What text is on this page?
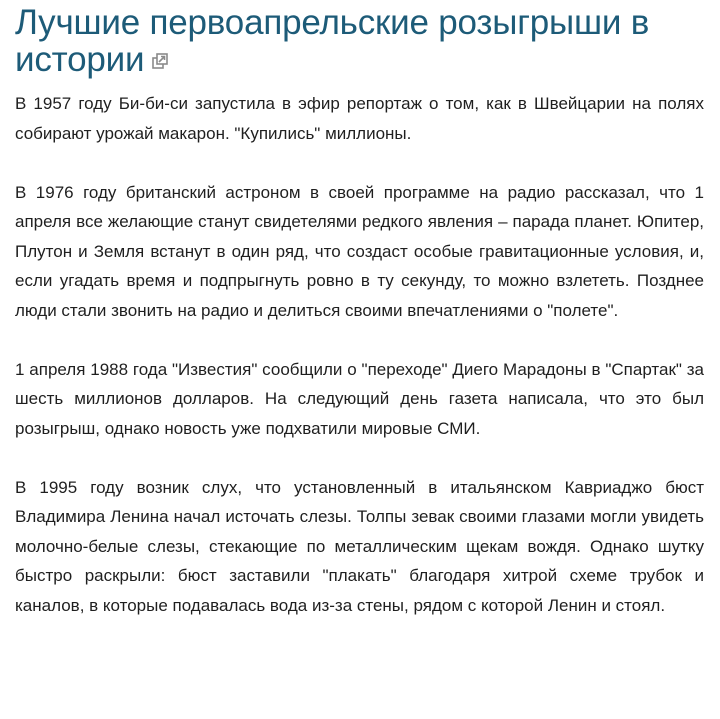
Лучшие первоапрельские розыгрыши в истории

В 1957 году Би-би-си запустила в эфир репортаж о том, как в Швейцарии на полях собирают урожай макарон. "Купились" миллионы.

В 1976 году британский астроном в своей программе на радио рассказал, что 1 апреля все желающие станут свидетелями редкого явления – парада планет. Юпитер, Плутон и Земля встанут в один ряд, что создаст особые гравитационные условия, и, если угадать время и подпрыгнуть ровно в ту секунду, то можно взлететь. Позднее люди стали звонить на радио и делиться своими впечатлениями о "полете".

1 апреля 1988 года "Известия" сообщили о "переходе" Диего Марадоны в "Спартак" за шесть миллионов долларов. На следующий день газета написала, что это был розыгрыш, однако новость уже подхватили мировые СМИ.

В 1995 году возник слух, что установленный в итальянском Кавриаджо бюст Владимира Ленина начал источать слезы. Толпы зевак своими глазами могли увидеть молочно-белые слезы, стекающие по металлическим щекам вождя. Однако шутку быстро раскрыли: бюст заставили "плакать" благодаря хитрой схеме трубок и каналов, в которые подавалась вода из-за стены, рядом с которой Ленин и стоял.
